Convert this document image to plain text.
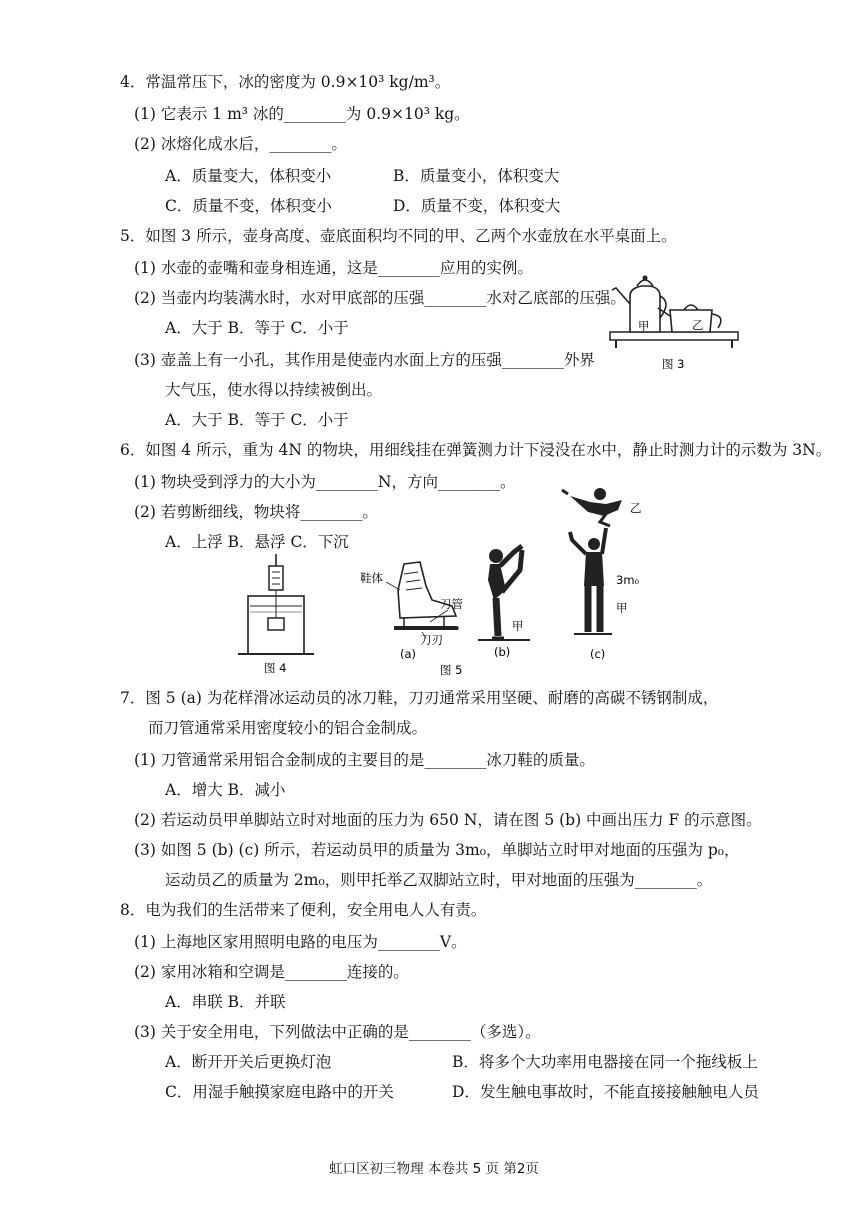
4．常温常压下，冰的密度为 0.9×10³ kg/m³。
(1) 它表示 1 m³ 冰的________为 0.9×10³ kg。
(2) 冰熔化成水后，________。
A．质量变大，体积变小	B．质量变小，体积变大
C．质量不变，体积变小	D．质量不变，体积变大
5．如图 3 所示，壶身高度、壶底面积均不同的甲、乙两个水壶放在水平桌面上。
(1) 水壶的壶嘴和壶身相连通，这是________应用的实例。
(2) 当壶内均装满水时，水对甲底部的压强________水对乙底部的压强。
A．大于 B．等于 C．小于
(3) 壶盖上有一小孔，其作用是使壶内水面上方的压强________外界
大气压，使水得以持续被倒出。
A．大于 B．等于 C．小于
6．如图 4 所示，重为 4N 的物块，用细线挂在弹簧测力计下浸没在水中，静止时测力计的示数为 3N。
(1) 物块受到浮力的大小为________N，方向________。
(2) 若剪断细线，物块将________。
A．上浮 B．悬浮 C．下沉
7．图 5 (a) 为花样滑冰运动员的冰刀鞋，刀刃通常采用坚硬、耐磨的高碳不锈钢制成，
而刀管通常采用密度较小的铝合金制成。
(1) 刀管通常采用铝合金制成的主要目的是________冰刀鞋的质量。
A．增大 B．减小
(2) 若运动员甲单脚站立时对地面的压力为 650 N，请在图 5 (b) 中画出压力 F 的示意图。
(3) 如图 5 (b) (c) 所示，若运动员甲的质量为 3m₀，单脚站立时甲对地面的压强为 p₀，
运动员乙的质量为 2m₀，则甲托举乙双脚站立时，甲对地面的压强为________。
8．电为我们的生活带来了便利，安全用电人人有责。
(1) 上海地区家用照明电路的电压为________V。
(2) 家用冰箱和空调是________连接的。
A．串联 B．并联
(3) 关于安全用电，下列做法中正确的是________（多选）。
A．断开开关后更换灯泡	B．将多个大功率用电器接在同一个拖线板上
C．用湿手触摸家庭电路中的开关	D．发生触电事故时，不能直接接触触电人员
甲	乙
图 3
图 4
鞋体
刀管
刀刃
(a)
甲
(b)
图 5
甲
乙
3m₀
(c)
虹口区初三物理 本卷共 5 页 第2页
